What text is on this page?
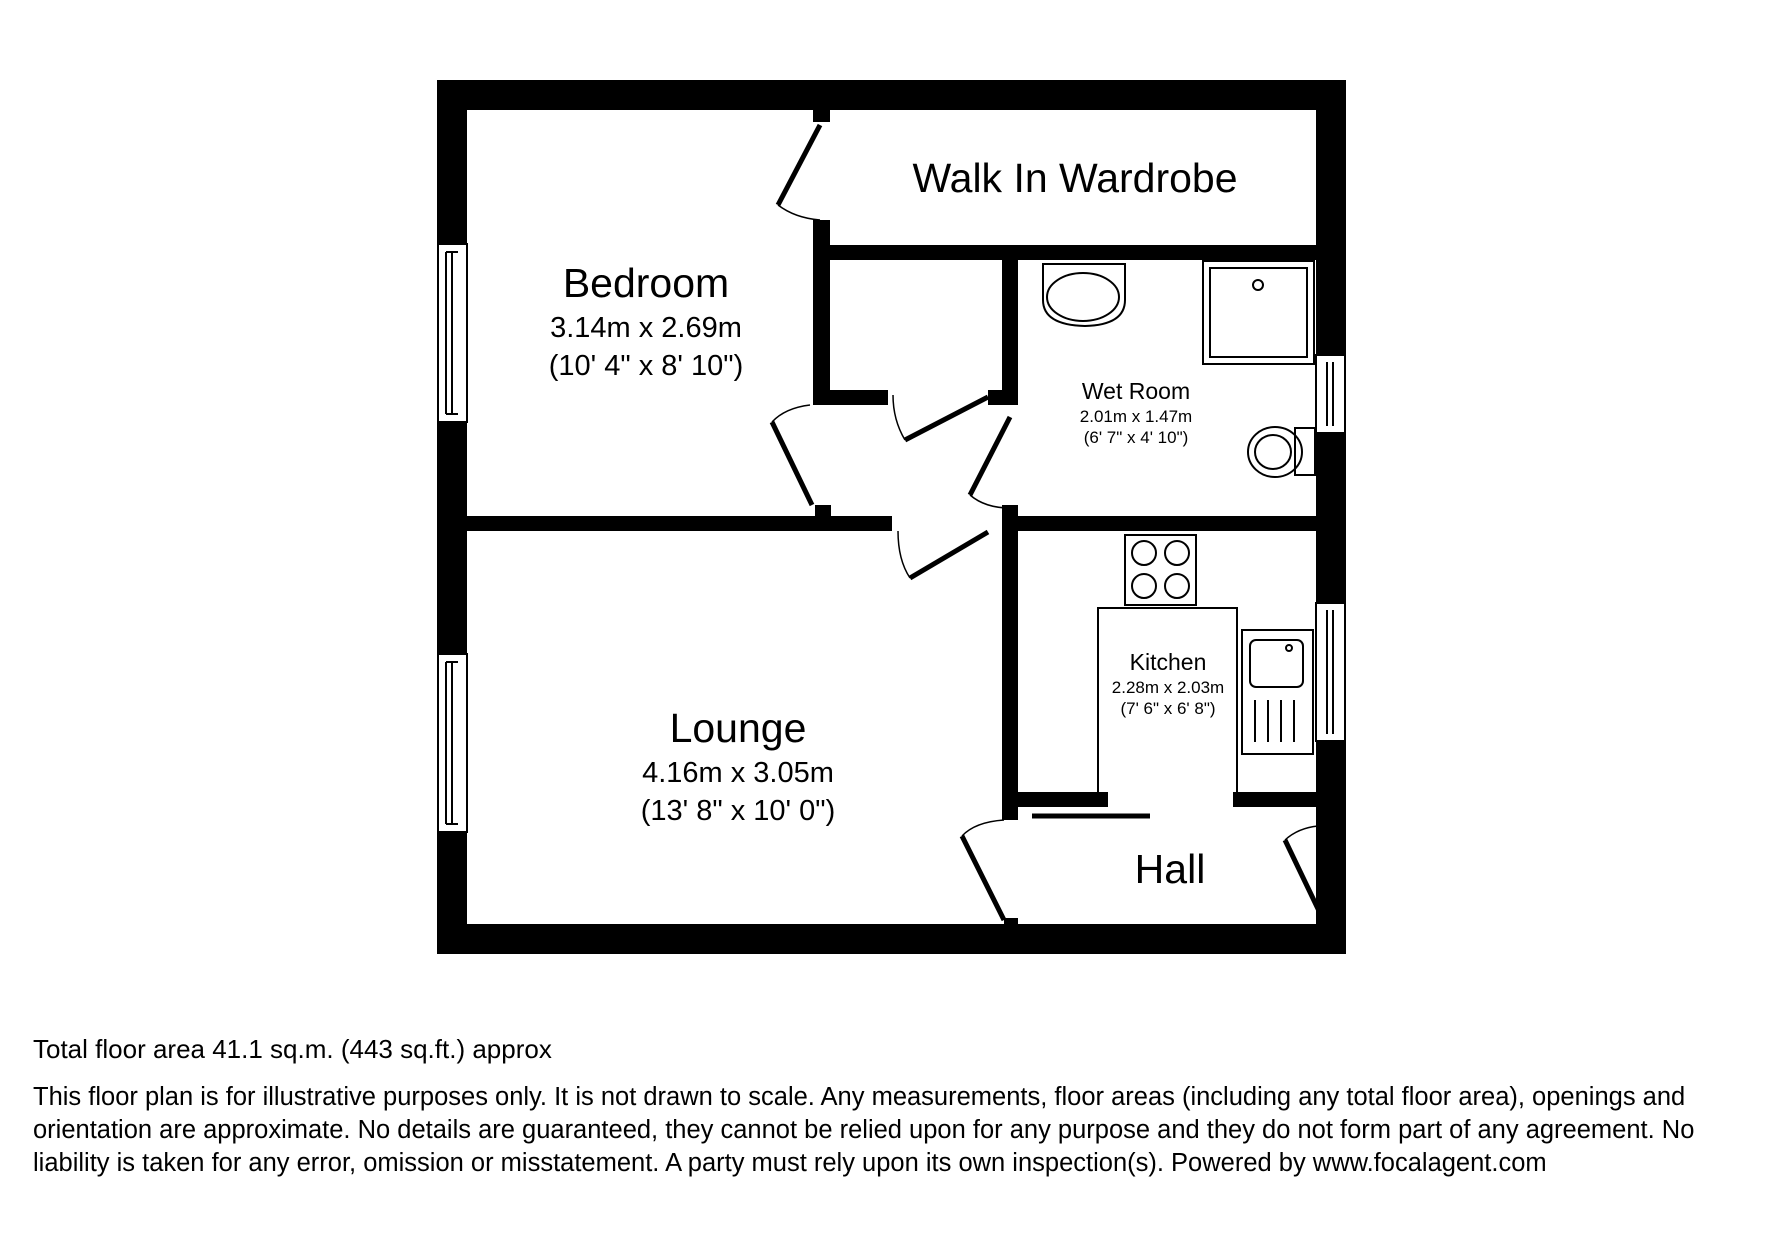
Walk In Wardrobe
Bedroom
3.14m x 2.69m
(10' 4" x 8' 10")
Wet Room
2.01m x 1.47m
(6' 7" x 4' 10")
Kitchen
2.28m x 2.03m
(7' 6" x 6' 8")
Lounge
4.16m x 3.05m
(13' 8" x 10' 0")
Hall
Total floor area 41.1 sq.m. (443 sq.ft.) approx
This floor plan is for illustrative purposes only. It is not drawn to scale. Any measurements, floor areas (including any total floor area), openings and orientation are approximate. No details are guaranteed, they cannot be relied upon for any purpose and they do not form part of any agreement. No liability is taken for any error, omission or misstatement. A party must rely upon its own inspection(s). Powered by www.focalagent.com
